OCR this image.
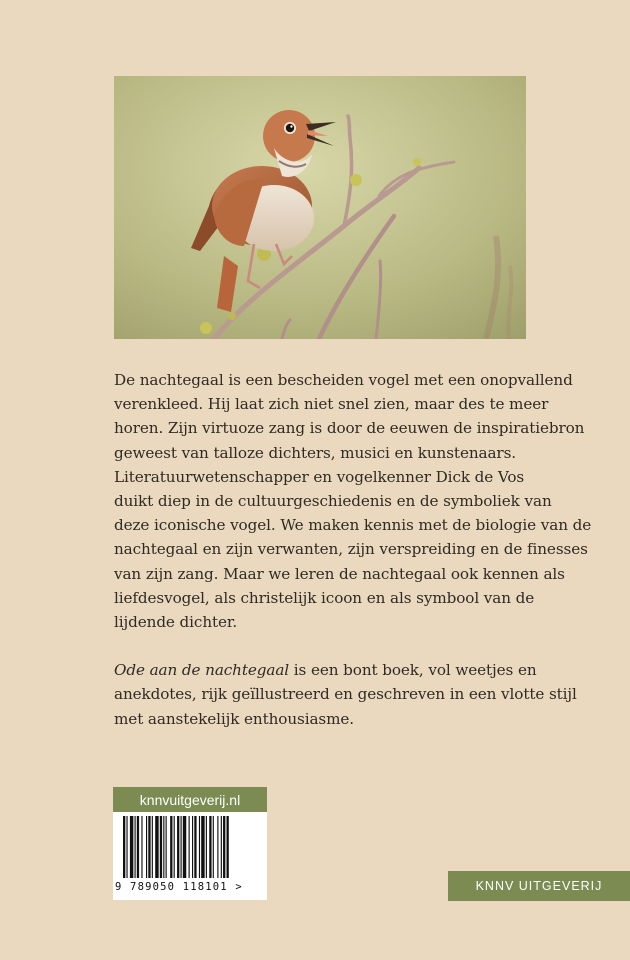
De nachtegaal is een bescheiden vogel met een onopvallend
verenkleed. Hij laat zich niet snel zien, maar des te meer
horen. Zijn virtuoze zang is door de eeuwen de inspiratiebron
geweest van talloze dichters, musici en kunstenaars.
Literatuurwetenschapper en vogelkenner Dick de Vos
duikt diep in de cultuurgeschiedenis en de symboliek van
deze iconische vogel. We maken kennis met de biologie van de
nachtegaal en zijn verwanten, zijn verspreiding en de finesses
van zijn zang. Maar we leren de nachtegaal ook kennen als
liefdesvogel, als christelijk icoon en als symbool van de
lijdende dichter.

Ode aan de nachtegaal is een bont boek, vol weetjes en
anekdotes, rijk geïllustreerd en geschreven in een vlotte stijl
met aanstekelijk enthousiasme.

knnvuitgeverij.nl
9 789050 118101 >	KNNV UITGEVERIJ
